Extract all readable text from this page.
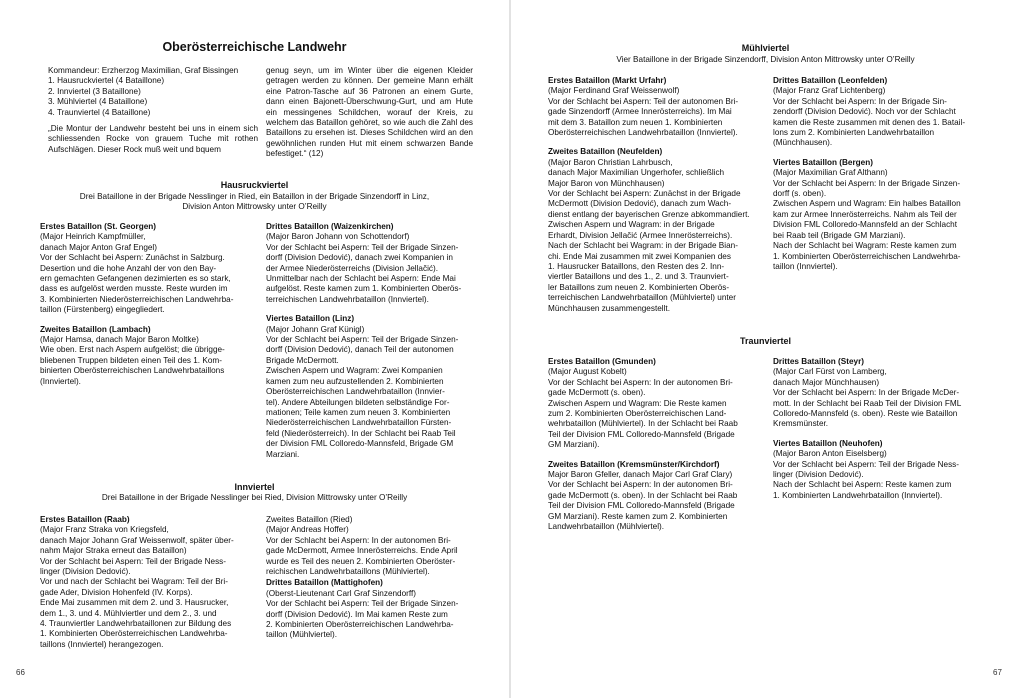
Oberösterreichische Landwehr
Kommandeur: Erzherzog Maximilian, Graf Bissingen
1. Hausruckviertel (4 Bataillone)
2. Innviertel (3 Bataillone)
3. Mühlviertel (4 Bataillone)
4. Traunviertel (4 Bataillone)
„Die Montur der Landwehr besteht bei uns in einem sich schliessenden Rocke von grauem Tuche mit rothen Aufschlägen. Dieser Rock muß weit und bquem
genug seyn, um im Winter über die eigenen Kleider getragen werden zu können. Der gemeine Mann erhält eine Patron-Tasche auf 36 Patronen an einem Gurte, dann einen Bajonett-Überschwung-Gurt, und am Hute ein messingenes Schildchen, worauf der Kreis, zu welchem das Bataillon gehöret, so wie auch die Zahl des Bataillons zu ersehen ist. Dieses Schildchen wird an den gewöhnlichen runden Hut mit einem schwarzen Bande befestiget.“ (12)
Hausruckviertel
Drei Bataillone in der Brigade Nesslinger in Ried, ein Bataillon in der Brigade Sinzendorff in Linz,
Division Anton Mittrowsky unter O’Reilly
Erstes Bataillon (St. Georgen)
(Major Heinrich Kampfmüller,
danach Major Anton Graf Engel)
Vor der Schlacht bei Aspern: Zunächst in Salzburg.
Desertion und die hohe Anzahl der von den Bay-
ern gemachten Gefangenen dezimierten es so stark,
dass es aufgelöst werden musste. Reste wurden im
3. Kombinierten Niederösterreichischen Landwehrba-
taillon (Fürstenberg) eingegliedert.
Zweites Bataillon (Lambach)
(Major Hamsa, danach Major Baron Moltke)
Wie oben. Erst nach Aspern aufgelöst; die übrigge-
bliebenen Truppen bildeten einen Teil des 1. Kom-
binierten Oberösterreichischen Landwehrbataillons
(Innviertel).
Drittes Bataillon (Waizenkirchen)
(Major Baron Johann von Schottendorf)
Vor der Schlacht bei Aspern: Teil der Brigade Sinzen-
dorff (Division Dedović), danach zwei Kompanien in
der Armee Niederösterreichs (Division Jellačić).
Unmittelbar nach der Schlacht bei Aspern: Ende Mai
aufgelöst. Reste kamen zum 1. Kombinierten Oberös-
terreichischen Landwehrbataillon (Innviertel).
Viertes Bataillon (Linz)
(Major Johann Graf Künigl)
Vor der Schlacht bei Aspern: Teil der Brigade Sinzen-
dorff (Division Dedović), danach Teil der autonomen
Brigade McDermott.
Zwischen Aspern und Wagram: Zwei Kompanien
kamen zum neu aufzustellenden 2. Kombinierten
Oberösterreichischen Landwehrbataillon (Innvier-
tel). Andere Abteilungen bildeten selbständige For-
mationen; Teile kamen zum neuen 3. Kombinierten
Niederösterreichischen Landwehrbataillon Fürsten-
feld (Niederösterreich). In der Schlacht bei Raab Teil
der Division FML Colloredo-Mannsfeld, Brigade GM
Marziani.
Innviertel
Drei Bataillone in der Brigade Nesslinger bei Ried, Division Mittrowsky unter O’Reilly
Erstes Bataillon (Raab)
(Major Franz Straka von Kriegsfeld,
danach Major Johann Graf Weissenwolf, später über-
nahm Major Straka erneut das Bataillon)
Vor der Schlacht bei Aspern: Teil der Brigade Ness-
linger (Division Dedović).
Vor und nach der Schlacht bei Wagram: Teil der Bri-
gade Ader, Division Hohenfeld (IV. Korps).
Ende Mai zusammen mit dem 2. und 3. Hausrucker,
dem 1., 3. und 4. Mühlviertler und dem 2., 3. und
4. Traunviertler Landwehrbataillonen zur Bildung des
1. Kombinierten Oberösterreichischen Landwehrba-
taillons (Innviertel) herangezogen.
Zweites Bataillon (Ried)
(Major Andreas Hoffer)
Vor der Schlacht bei Aspern: In der autonomen Bri-
gade McDermott, Armee Innerösterreichs. Ende April
wurde es Teil des neuen 2. Kombinierten Oberöster-
reichischen Landwehrbataillons (Mühlviertel).
Drittes Bataillon (Mattighofen)
(Oberst-Lieutenant Carl Graf Sinzendorff)
Vor der Schlacht bei Aspern: Teil der Brigade Sinzen-
dorff (Division Dedović). Im Mai kamen Reste zum
2. Kombinierten Oberösterreichischen Landwehrba-
taillon (Mühlviertel).
66
Mühlviertel
Vier Bataillone in der Brigade Sinzendorff, Division Anton Mittrowsky unter O’Reilly
Erstes Bataillon (Markt Urfahr)
(Major Ferdinand Graf Weissenwolf)
Vor der Schlacht bei Aspern: Teil der autonomen Bri-
gade Sinzendorff (Armee Innerösterreichs). Im Mai
mit dem 3. Bataillon zum neuen 1. Kombinierten
Oberösterreichischen Landwehrbataillon (Innviertel).
Zweites Bataillon (Neufelden)
(Major Baron Christian Lahrbusch,
danach Major Maximilian Ungerhofer, schließlich
Major Baron von Münchhausen)
Vor der Schlacht bei Aspern: Zunächst in der Brigade
McDermott (Division Dedović), danach zum Wach-
dienst entlang der bayerischen Grenze abkommandiert.
Zwischen Aspern und Wagram: in der Brigade
Erhardt, Division Jellačić (Armee Innerösterreichs).
Nach der Schlacht bei Wagram: in der Brigade Bian-
chi. Ende Mai zusammen mit zwei Kompanien des
1. Hausrucker Bataillons, den Resten des 2. Inn-
viertler Bataillons und des 1., 2. und 3. Traunviert-
ler Bataillons zum neuen 2. Kombinierten Oberös-
terreichischen Landwehrbataillon (Mühlviertel) unter
Münchhausen zusammengestellt.
Drittes Bataillon (Leonfelden)
(Major Franz Graf Lichtenberg)
Vor der Schlacht bei Aspern: In der Brigade Sin-
zendorff (Division Dedović). Noch vor der Schlacht
kamen die Reste zusammen mit denen des 1. Batail-
lons zum 2. Kombinierten Landwehrbataillon
(Münchhausen).
Viertes Bataillon (Bergen)
(Major Maximilian Graf Althann)
Vor der Schlacht bei Aspern: In der Brigade Sinzen-
dorff (s. oben).
Zwischen Aspern und Wagram: Ein halbes Bataillon
kam zur Armee Innerösterreichs. Nahm als Teil der
Division FML Colloredo-Mannsfeld an der Schlacht
bei Raab teil (Brigade GM Marziani).
Nach der Schlacht bei Wagram: Reste kamen zum
1. Kombinierten Oberösterreichischen Landwehrba-
taillon (Innviertel).
Traunviertel
Erstes Bataillon (Gmunden)
(Major August Kobelt)
Vor der Schlacht bei Aspern: In der autonomen Bri-
gade McDermott (s. oben).
Zwischen Aspern und Wagram: Die Reste kamen
zum 2. Kombinierten Oberösterreichischen Land-
wehrbataillon (Mühlviertel). In der Schlacht bei Raab
Teil der Division FML Colloredo-Mannsfeld (Brigade
GM Marziani).
Zweites Bataillon (Kremsmünster/Kirchdorf)
Major Baron Gfeller, danach Major Carl Graf Clary)
Vor der Schlacht bei Aspern: In der autonomen Bri-
gade McDermott (s. oben). In der Schlacht bei Raab
Teil der Division FML Colloredo-Mannsfeld (Brigade
GM Marziani). Reste kamen zum 2. Kombinierten
Landwehrbataillon (Mühlviertel).
Drittes Bataillon (Steyr)
(Major Carl Fürst von Lamberg,
danach Major Münchhausen)
Vor der Schlacht bei Aspern: In der Brigade McDer-
mott. In der Schlacht bei Raab Teil der Division FML
Colloredo-Mannsfeld (s. oben). Reste wie Bataillon
Kremsmünster.
Viertes Bataillon (Neuhofen)
(Major Baron Anton Eiselsberg)
Vor der Schlacht bei Aspern: Teil der Brigade Ness-
linger (Division Dedović).
Nach der Schlacht bei Aspern: Reste kamen zum
1. Kombinierten Landwehrbataillon (Innviertel).
67
